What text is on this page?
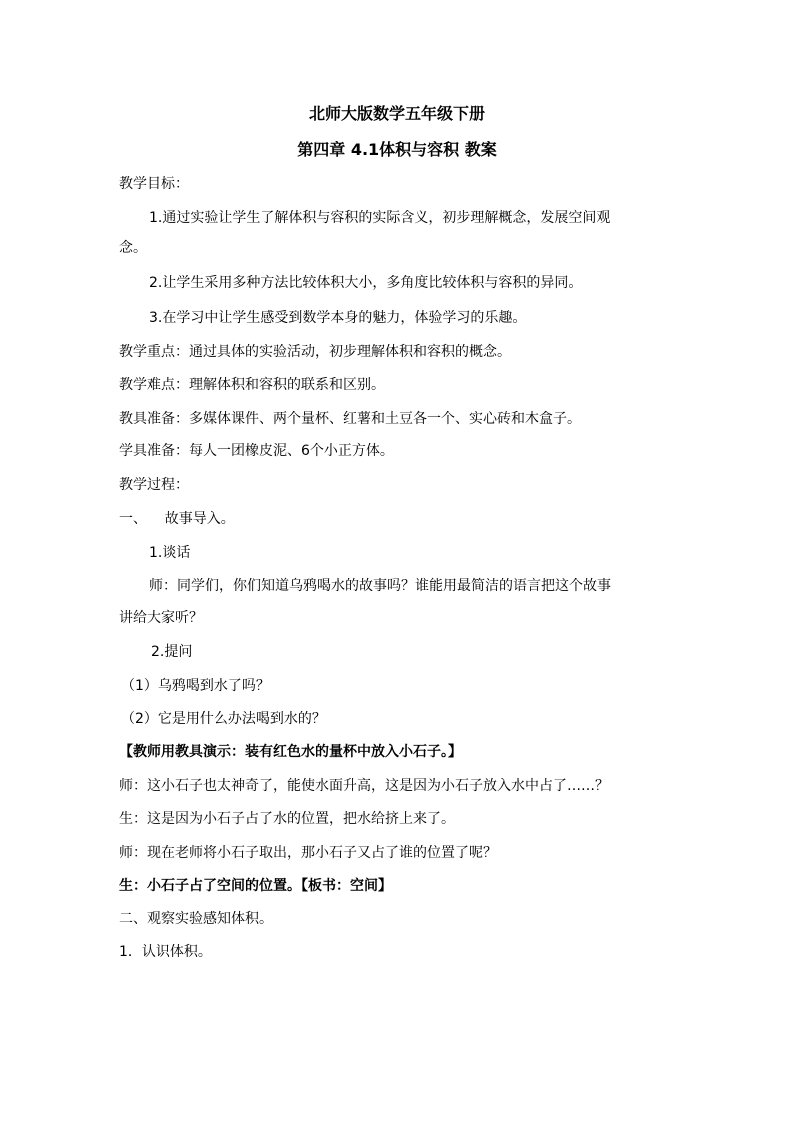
北师大版数学五年级下册
第四章 4.1体积与容积 教案
教学目标：
1.通过实验让学生了解体积与容积的实际含义，初步理解概念，发展空间观
念。
2.让学生采用多种方法比较体积大小，多角度比较体积与容积的异同。
3.在学习中让学生感受到数学本身的魅力，体验学习的乐趣。
教学重点：通过具体的实验活动，初步理解体积和容积的概念。
教学难点：理解体积和容积的联系和区别。
教具准备：多媒体课件、两个量杯、红薯和土豆各一个、实心砖和木盒子。
学具准备：每人一团橡皮泥、6个小正方体。
教学过程：
一、    故事导入。
1.谈话
师：同学们，你们知道乌鸦喝水的故事吗？谁能用最简洁的语言把这个故事
讲给大家听？
2.提问
（1）乌鸦喝到水了吗？
（2）它是用什么办法喝到水的？
【教师用教具演示：装有红色水的量杯中放入小石子。】
师：这小石子也太神奇了，能使水面升高，这是因为小石子放入水中占了……？
生：这是因为小石子占了水的位置，把水给挤上来了。
师：现在老师将小石子取出，那小石子又占了谁的位置了呢？
生：小石子占了空间的位置。【板书：空间】
二、观察实验感知体积。
1．认识体积。
